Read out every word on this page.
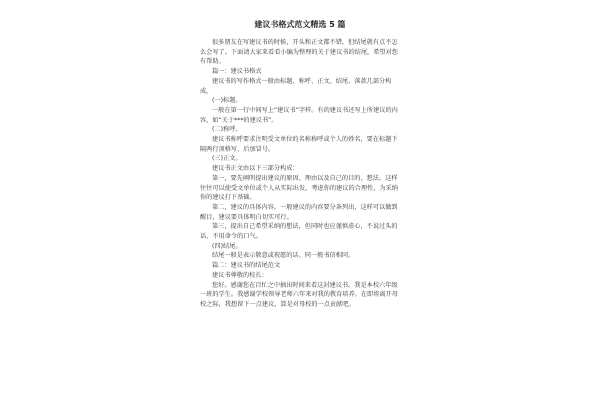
建议书格式范文精选 5 篇

很多朋友在写建议书的时候，开头和正文都不错，但结尾就有点不怎么会写了。下面请大家来看看小编为整理的关于建议书的结尾，希望对您有帮助。

篇一：建议书格式

建议书的写作格式一般由标题、称呼、正文、结尾、落款几部分构成。

(一)标题。

一般在第一行中间写上“建议书”字样。有的建议书还写上所建议的内容，如“关于***的建议书”。

(二)称呼。

建议书称呼要求注明受文单位的名称称呼或个人的姓名，要在标题下隔两行顶格写，后加冒号。

(三)正文。

建议书正文由以下三部分构成：

第一，要先阐明提出建议的原因、理由以及自己的目的、想法。这样往往可以使受文单位或个人从实际出发，考虑你的建议的合理性，为采纳你的建议打下基础。

第二，建议的具体内容。一般建议的内容要分条列出，这样可以做到醒目，建议要具体明白切实可行。

第三，提出自己希望采纳的想法，但同时也应谨慎虚心，不说过头的话，不用命令的口气。

(四)结尾。

结尾一般是表示敬意或祝愿的话。同一般书信相同。

篇二：建议书的结尾范文

建议书尊敬的校长：

您好。感谢您在百忙之中抽出时间来看这封建议书。我是本校六年级一班的学生。我感谢学校领导老师六年来对我的教育培养。在即将离开母校之际，我想留下一点建议，算是对母校的一点贡献吧。
